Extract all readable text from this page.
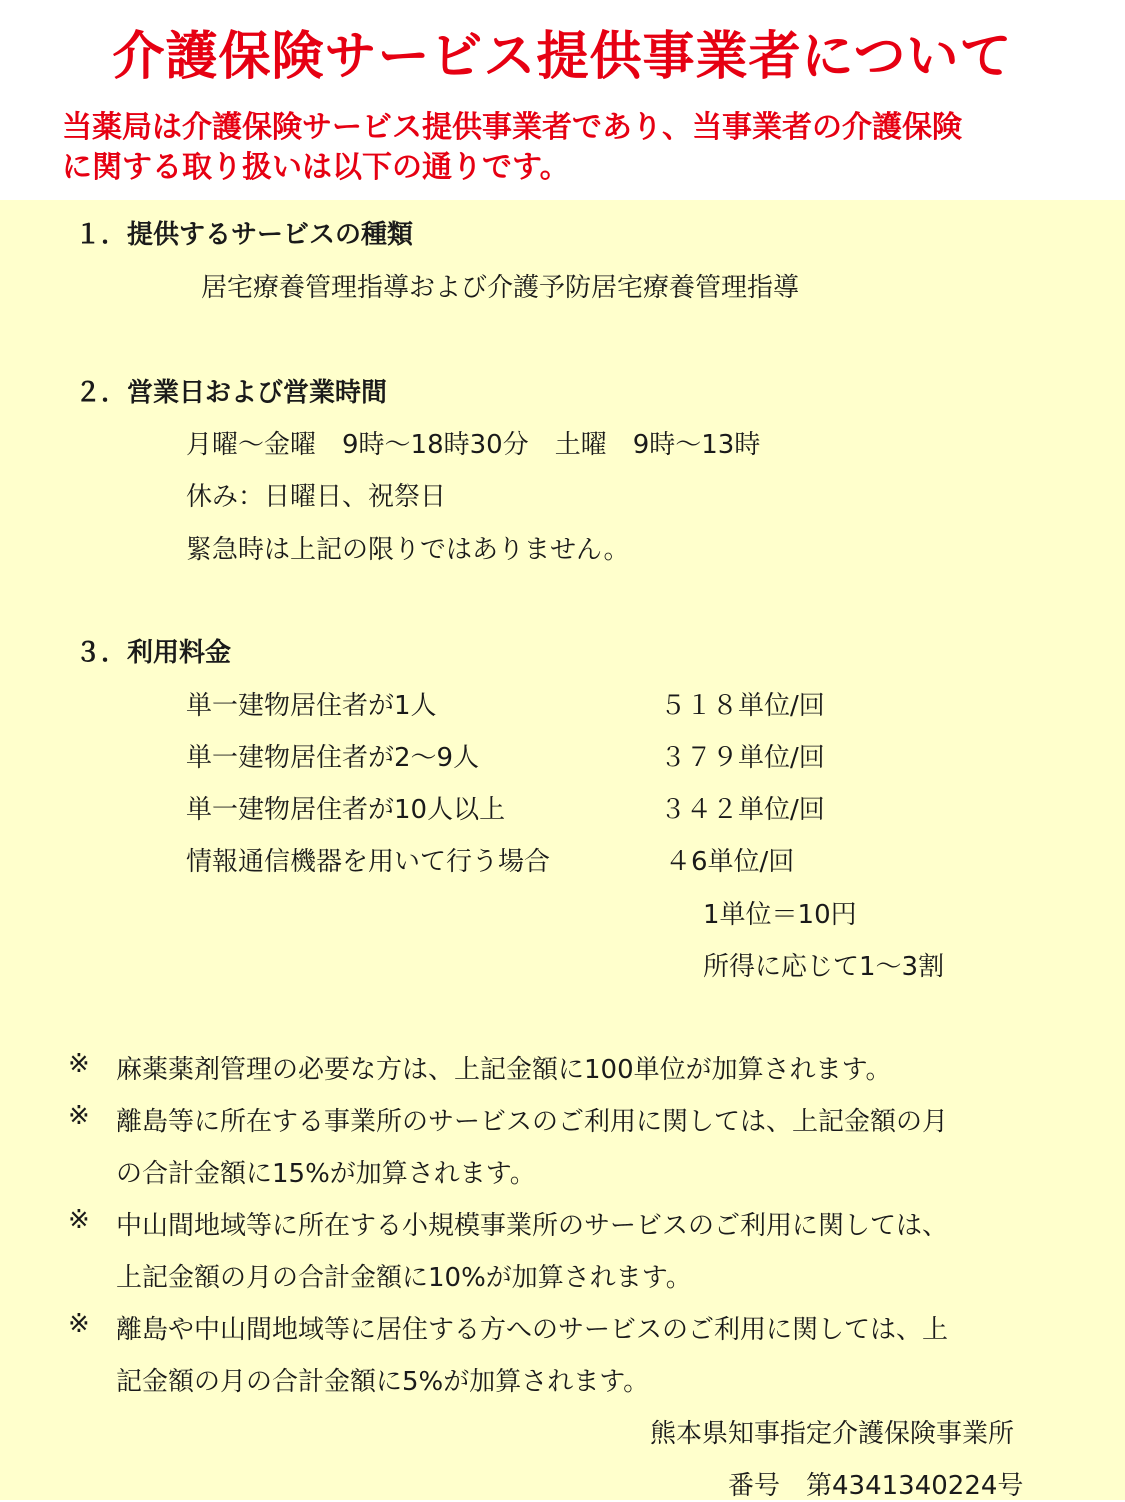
介護保険サービス提供事業者について
当薬局は介護保険サービス提供事業者であり、当事業者の介護保険
に関する取り扱いは以下の通りです。
１．提供するサービスの種類
居宅療養管理指導および介護予防居宅療養管理指導
２．営業日および営業時間
月曜～金曜　9時～18時30分　土曜　9時～13時
休み：日曜日、祝祭日
緊急時は上記の限りではありません。
３．利用料金
単一建物居住者が1人	５１８単位/回
単一建物居住者が2～9人	３７９単位/回
単一建物居住者が10人以上	３４２単位/回
情報通信機器を用いて行う場合	４6単位/回
1単位＝10円
所得に応じて1～3割
※ 麻薬薬剤管理の必要な方は、上記金額に100単位が加算されます。
※ 離島等に所在する事業所のサービスのご利用に関しては、上記金額の月
の合計金額に15%が加算されます。
※ 中山間地域等に所在する小規模事業所のサービスのご利用に関しては、
上記金額の月の合計金額に10%が加算されます。
※ 離島や中山間地域等に居住する方へのサービスのご利用に関しては、上
記金額の月の合計金額に5%が加算されます。
熊本県知事指定介護保険事業所
番号　第4341340224号
